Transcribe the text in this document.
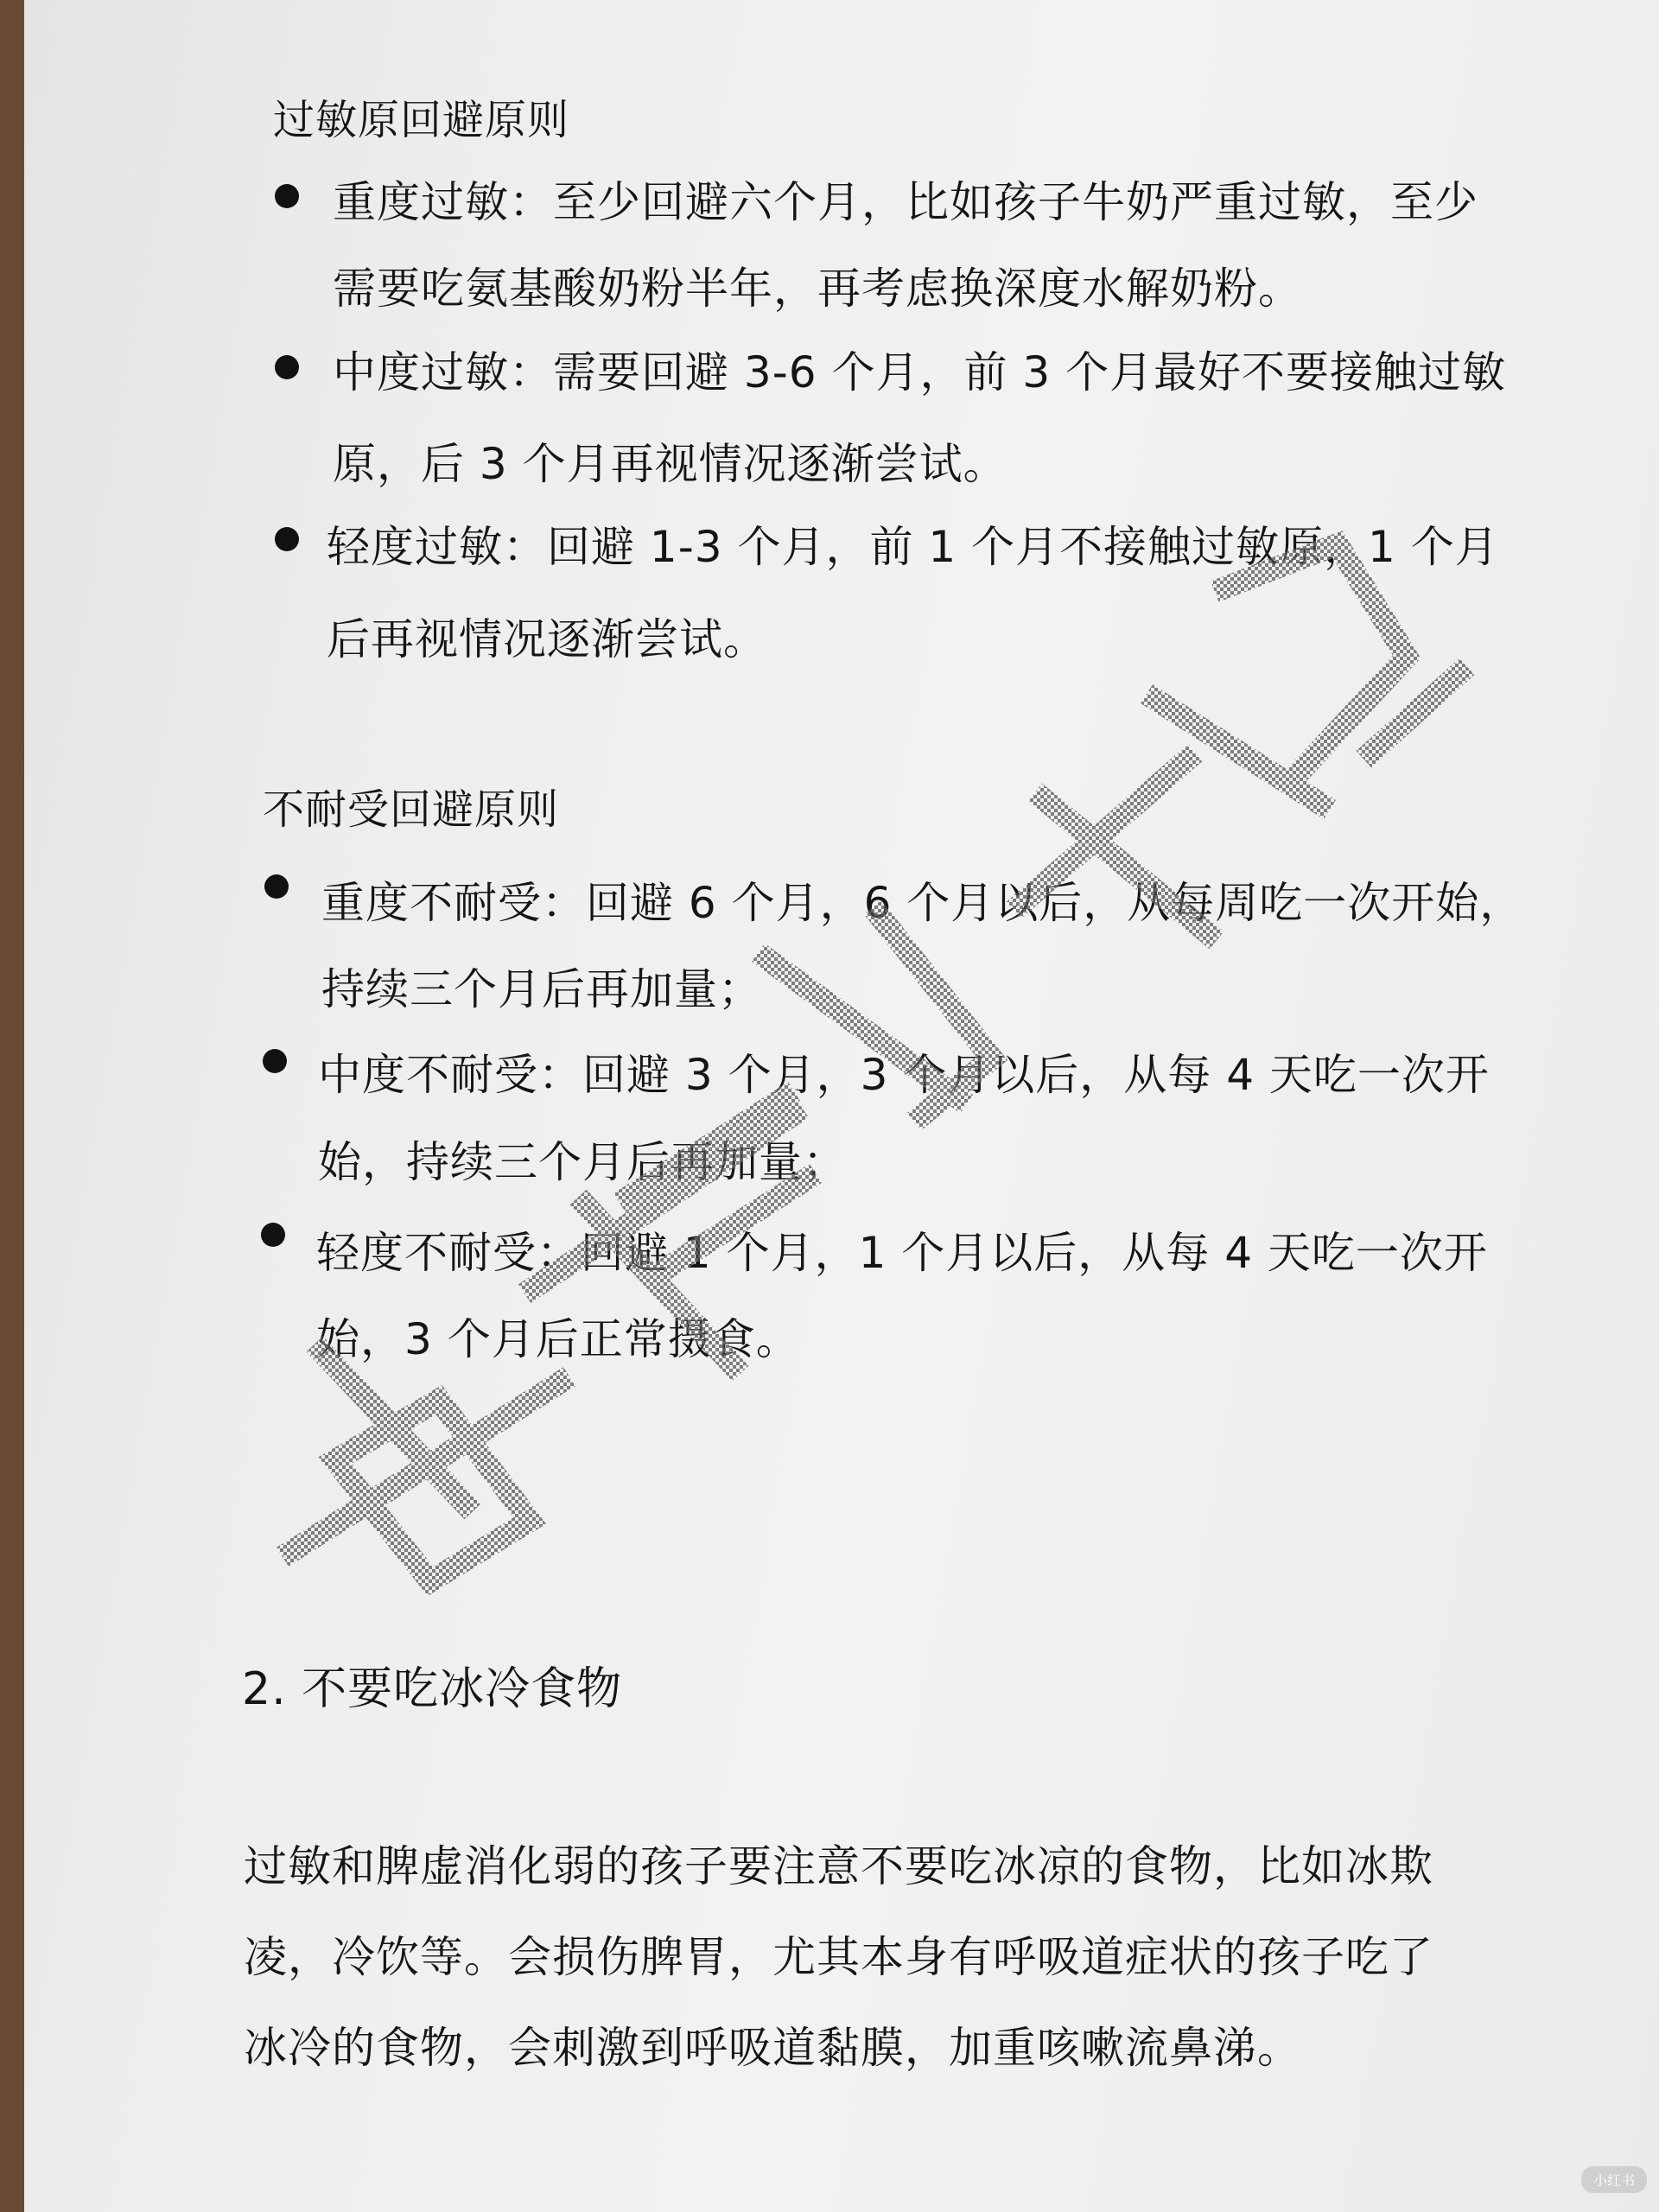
过敏原回避原则
重度过敏：至少回避六个月，比如孩子牛奶严重过敏，至少
需要吃氨基酸奶粉半年，再考虑换深度水解奶粉。
中度过敏：需要回避 3-6 个月，前 3 个月最好不要接触过敏
原，后 3 个月再视情况逐渐尝试。
轻度过敏：回避 1-3 个月，前 1 个月不接触过敏原，1 个月
后再视情况逐渐尝试。
不耐受回避原则
重度不耐受：回避 6 个月，6 个月以后，从每周吃一次开始，
持续三个月后再加量；
中度不耐受：回避 3 个月，3 个月以后，从每 4 天吃一次开
始，持续三个月后再加量；
轻度不耐受：回避 1 个月，1 个月以后，从每 4 天吃一次开
始，3 个月后正常摄食。
2. 不要吃冰冷食物
过敏和脾虚消化弱的孩子要注意不要吃冰凉的食物，比如冰欺
凌，冷饮等。会损伤脾胃，尤其本身有呼吸道症状的孩子吃了
冰冷的食物，会刺激到呼吸道黏膜，加重咳嗽流鼻涕。
小红书
